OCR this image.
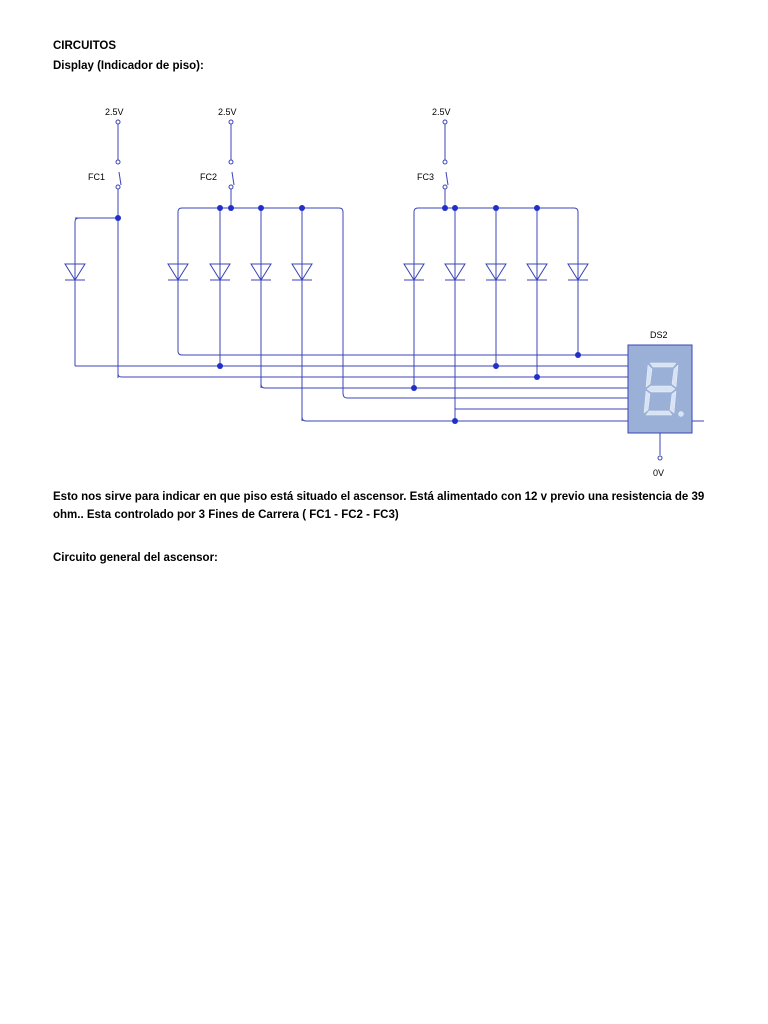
CIRCUITOS
Display (Indicador de piso):
2.5V	2.5V	2.5V
FC1	FC2	FC3
DS2
0V
Esto nos sirve para indicar en que piso está situado el ascensor. Está alimentado con 12 v previo una resistencia de 39 ohm.. Esta controlado por 3 Fines de Carrera ( FC1 - FC2 - FC3)
Circuito general del ascensor:
